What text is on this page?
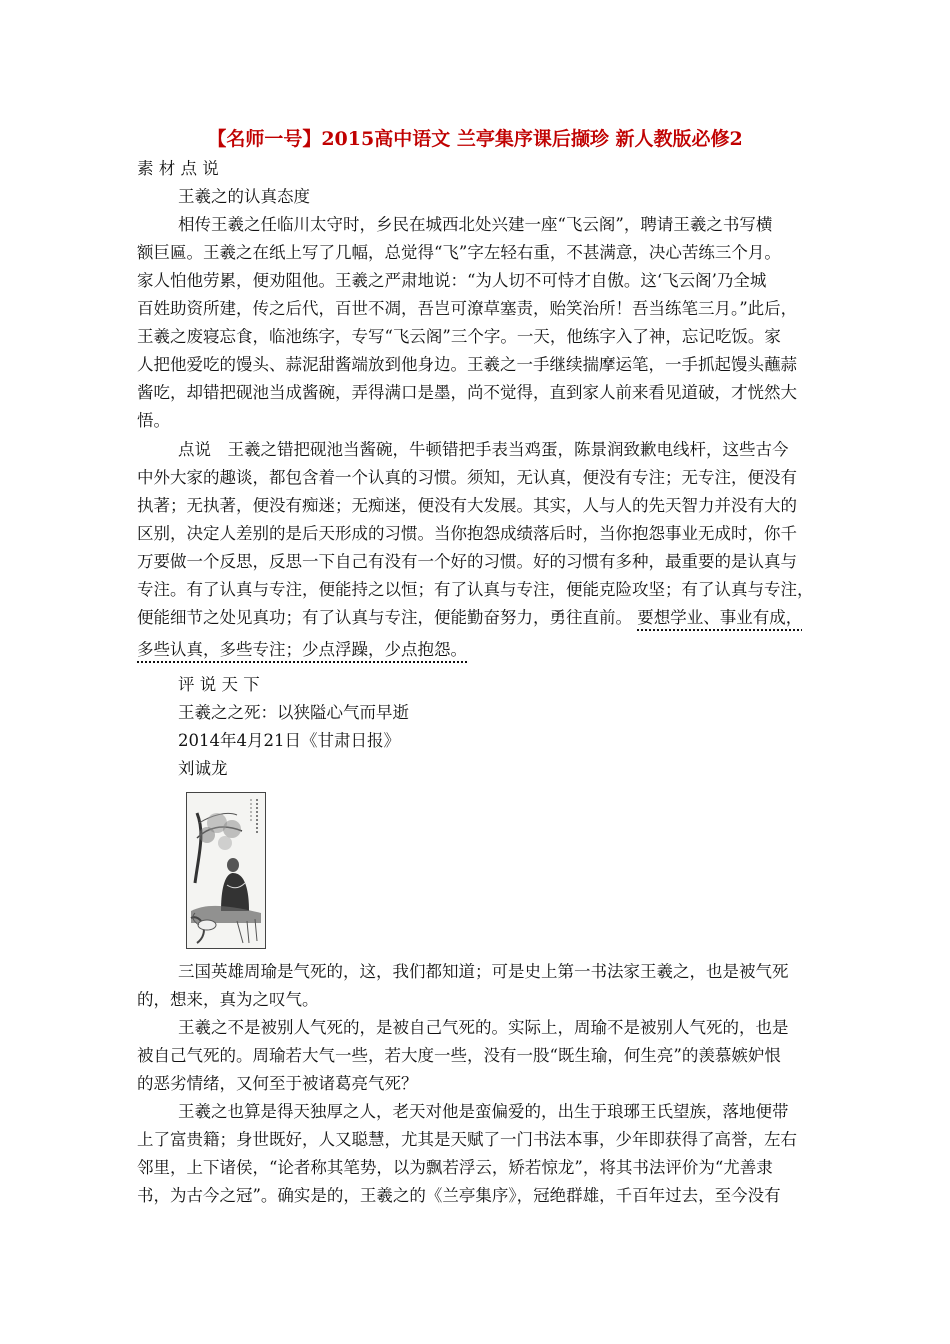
【名师一号】2015高中语文 兰亭集序课后撷珍 新人教版必修2

素 材 点 说

王羲之的认真态度

相传王羲之任临川太守时，乡民在城西北处兴建一座“飞云阁”，聘请王羲之书写横

额巨匾。王羲之在纸上写了几幅，总觉得“飞”字左轻右重，不甚满意，决心苦练三个月。

家人怕他劳累，便劝阻他。王羲之严肃地说：“为人切不可恃才自傲。这‘飞云阁’乃全城

百姓助资所建，传之后代，百世不凋，吾岂可潦草塞责，贻笑治所！吾当练笔三月。”此后，

王羲之废寝忘食，临池练字，专写“飞云阁”三个字。一天，他练字入了神，忘记吃饭。家

人把他爱吃的馒头、蒜泥甜酱端放到他身边。王羲之一手继续揣摩运笔，一手抓起馒头蘸蒜

酱吃，却错把砚池当成酱碗，弄得满口是墨，尚不觉得，直到家人前来看见道破，才恍然大

悟。

点说　王羲之错把砚池当酱碗，牛顿错把手表当鸡蛋，陈景润致歉电线杆，这些古今

中外大家的趣谈，都包含着一个认真的习惯。须知，无认真，便没有专注；无专注，便没有

执著；无执著，便没有痴迷；无痴迷，便没有大发展。其实，人与人的先天智力并没有大的

区别，决定人差别的是后天形成的习惯。当你抱怨成绩落后时，当你抱怨事业无成时，你千

万要做一个反思，反思一下自己有没有一个好的习惯。好的习惯有多种，最重要的是认真与

专注。有了认真与专注，便能持之以恒；有了认真与专注，便能克险攻坚；有了认真与专注，

便能细节之处见真功；有了认真与专注，便能勤奋努力，勇往直前。 要想学业、事业有成，

多些认真，多些专注；少点浮躁，少点抱怨。

评 说 天 下

王羲之之死：以狭隘心气而早逝

2014年4月21日《甘肃日报》

刘诚龙

三国英雄周瑜是气死的，这，我们都知道；可是史上第一书法家王羲之，也是被气死

的，想来，真为之叹气。

王羲之不是被别人气死的，是被自己气死的。实际上，周瑜不是被别人气死的，也是

被自己气死的。周瑜若大气一些，若大度一些，没有一股“既生瑜，何生亮”的羡慕嫉妒恨

的恶劣情绪，又何至于被诸葛亮气死？

王羲之也算是得天独厚之人，老天对他是蛮偏爱的，出生于琅琊王氏望族，落地便带

上了富贵籍；身世既好，人又聪慧，尤其是天赋了一门书法本事，少年即获得了高誉，左右

邻里，上下诸侯，“论者称其笔势，以为飘若浮云，矫若惊龙”，将其书法评价为“尤善隶

书，为古今之冠”。确实是的，王羲之的《兰亭集序》，冠绝群雄，千百年过去，至今没有
